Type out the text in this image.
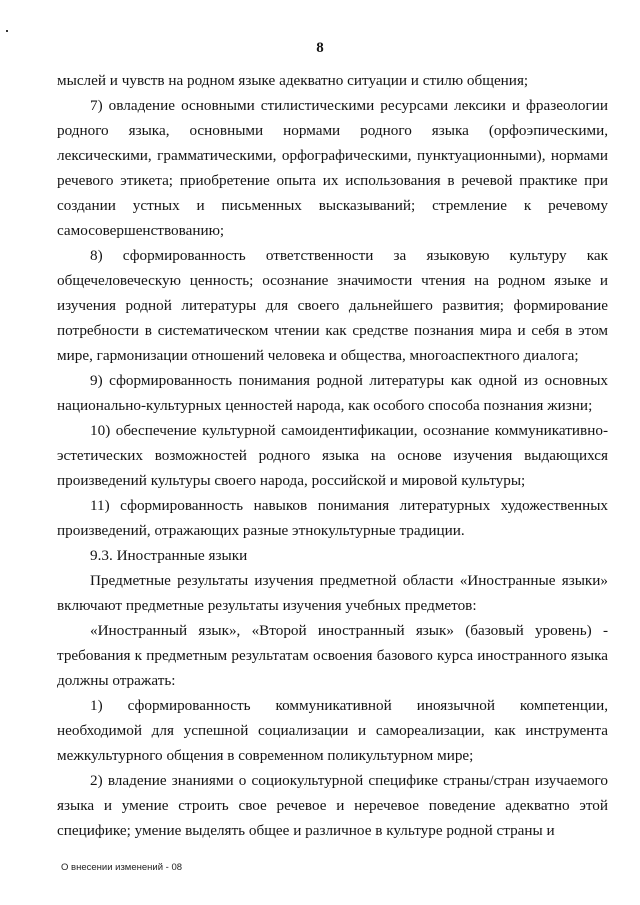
8

мыслей и чувств на родном языке адекватно ситуации и стилю общения;

7) овладение основными стилистическими ресурсами лексики и фразеологии родного языка, основными нормами родного языка (орфоэпическими, лексическими, грамматическими, орфографическими, пунктуационными), нормами речевого этикета; приобретение опыта их использования в речевой практике при создании устных и письменных высказываний; стремление к речевому самосовершенствованию;

8) сформированность ответственности за языковую культуру как общечеловеческую ценность; осознание значимости чтения на родном языке и изучения родной литературы для своего дальнейшего развития; формирование потребности в систематическом чтении как средстве познания мира и себя в этом мире, гармонизации отношений человека и общества, многоаспектного диалога;

9) сформированность понимания родной литературы как одной из основных национально-культурных ценностей народа, как особого способа познания жизни;

10) обеспечение культурной самоидентификации, осознание коммуникативно-эстетических возможностей родного языка на основе изучения выдающихся произведений культуры своего народа, российской и мировой культуры;

11) сформированность навыков понимания литературных художественных произведений, отражающих разные этнокультурные традиции.

9.3. Иностранные языки

Предметные результаты изучения предметной области «Иностранные языки» включают предметные результаты изучения учебных предметов:

«Иностранный язык», «Второй иностранный язык» (базовый уровень) - требования к предметным результатам освоения базового курса иностранного языка должны отражать:

1) сформированность коммуникативной иноязычной компетенции, необходимой для успешной социализации и самореализации, как инструмента межкультурного общения в современном поликультурном мире;

2) владение знаниями о социокультурной специфике страны/стран изучаемого языка и умение строить свое речевое и неречевое поведение адекватно этой специфике; умение выделять общее и различное в культуре родной страны и

О внесении изменений - 08
